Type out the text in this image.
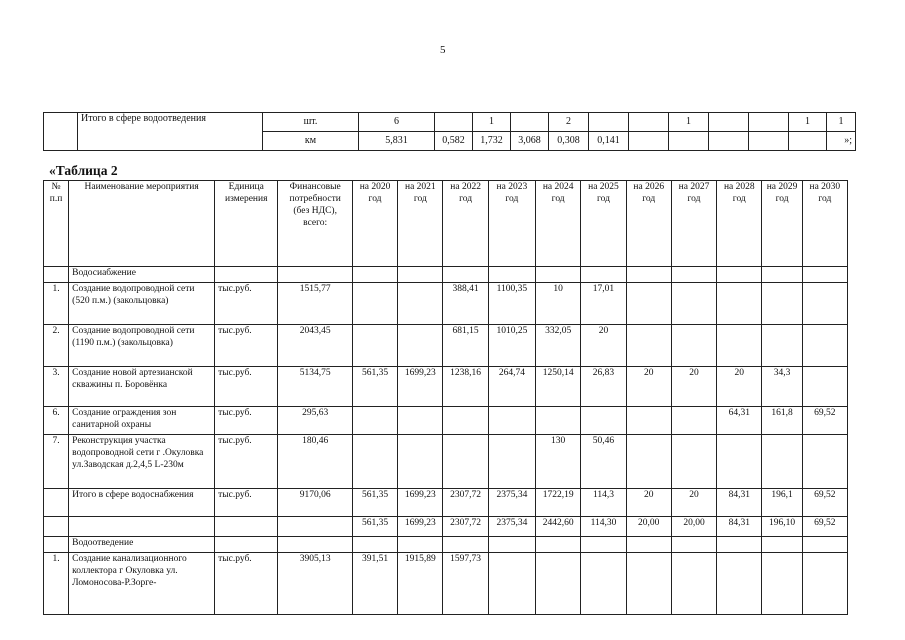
5
	Итого в сфере водоотведения	шт.	6		1		2			1			1	1
		км	5,831	0,582	1,732	3,068	0,308	0,141						»;
«Таблица 2
№ п.п	Наименование мероприятия	Единица измерения	Финансовые потребности (без НДС), всего:	на 2020 год	на 2021 год	на 2022 год	на 2023 год	на 2024 год	на 2025 год	на 2026 год	на 2027 год	на 2028 год	на 2029 год	на 2030 год
	Водосиабжение													
1.	Создание водопроводной сети (520 п.м.) (закольцовка)	тыс.руб.	1515,77			388,41	1100,35	10	17,01					
2.	Создание водопроводной сети (1190 п.м.) (закольцовка)	тыс.руб.	2043,45			681,15	1010,25	332,05	20					
3.	Создание новой артезианской скважины п. Боровёнка	тыс.руб.	5134,75	561,35	1699,23	1238,16	264,74	1250,14	26,83	20	20	20	34,3	
6.	Создание ограждения зон санитарной охраны	тыс.руб.	295,63									64,31	161,8	69,52
7.	Реконструкция участка водопроводной сети г .Окуловка ул.Заводская д.2,4,5 L-230м	тыс.руб.	180,46					130	50,46					
	Итого в сфере водоснабжения	тыс.руб.	9170,06	561,35	1699,23	2307,72	2375,34	1722,19	114,3	20	20	84,31	196,1	69,52
				561,35	1699,23	2307,72	2375,34	2442,60	114,30	20,00	20,00	84,31	196,10	69,52
	Водоотведение													
1.	Создание канализационного коллектора г Окуловка ул. Ломоносова-Р.Зорге-	тыс.руб.	3905,13	391,51	1915,89	1597,73								
